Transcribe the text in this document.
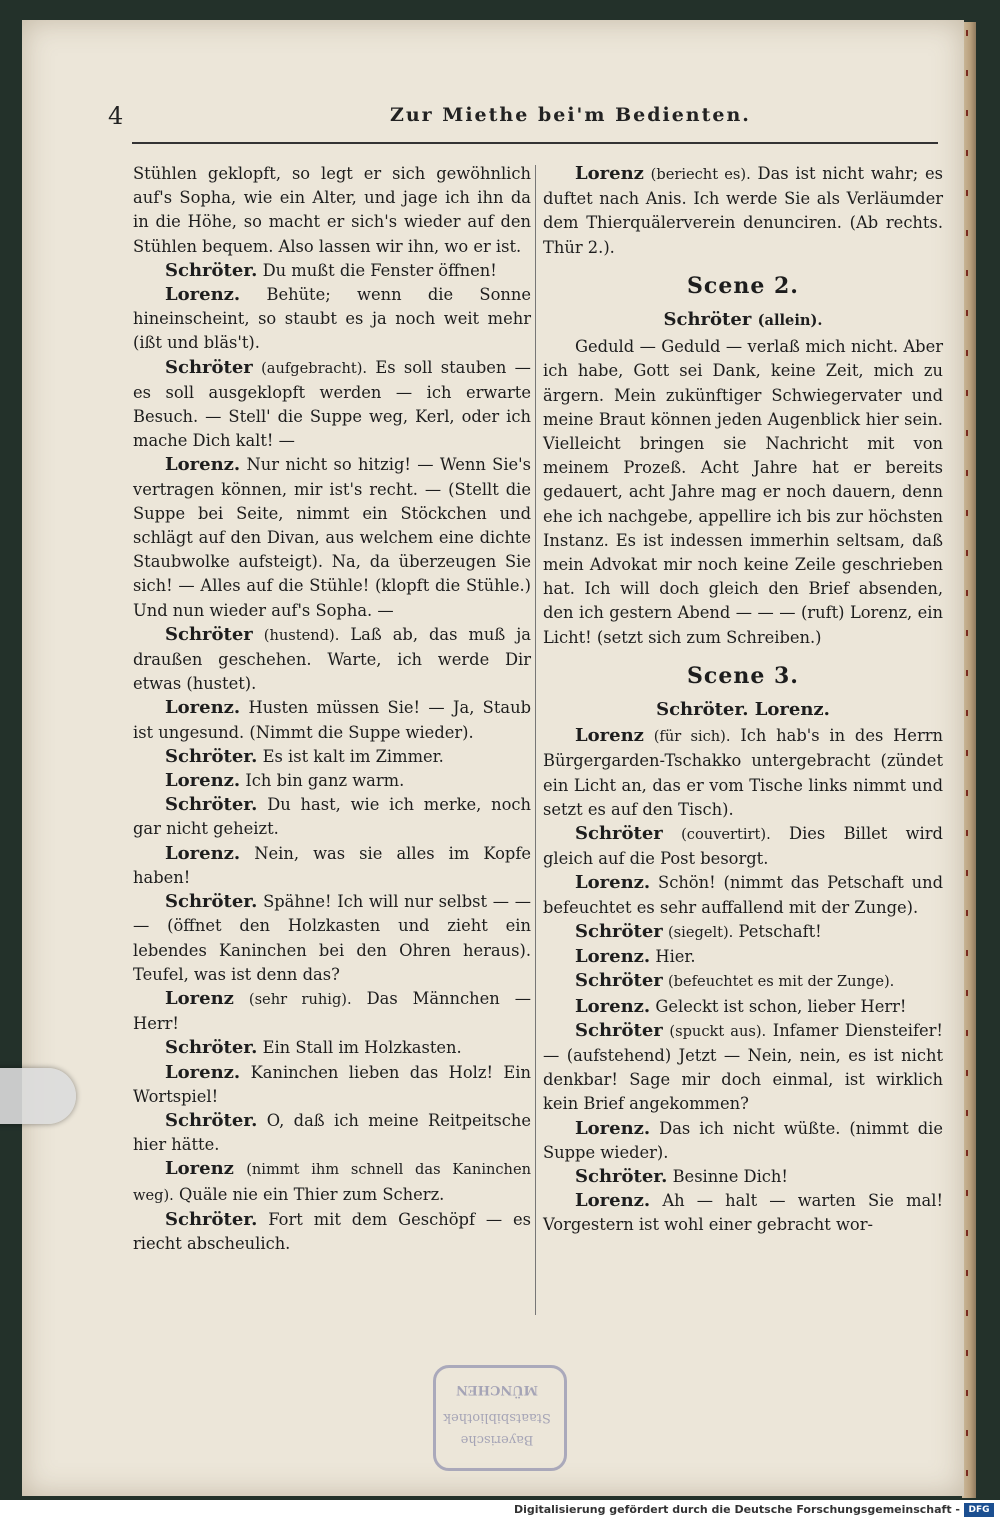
4	Zur Miethe bei'm Bedienten.

Stühlen geklopft, so legt er sich gewöhnlich auf's Sopha, wie ein Alter, und jage ich ihn da in die Höhe, so macht er sich's wieder auf den Stühlen bequem. Also lassen wir ihn, wo er ist.

Schröter. Du mußt die Fenster öffnen!

Lorenz. Behüte; wenn die Sonne hineinscheint, so staubt es ja noch weit mehr (ißt und bläs't).

Schröter (aufgebracht). Es soll stauben — es soll ausgeklopft werden — ich erwarte Besuch. — Stell' die Suppe weg, Kerl, oder ich mache Dich kalt! —

Lorenz. Nur nicht so hitzig! — Wenn Sie's vertragen können, mir ist's recht. — (Stellt die Suppe bei Seite, nimmt ein Stöckchen und schlägt auf den Divan, aus welchem eine dichte Staubwolke aufsteigt). Na, da überzeugen Sie sich! — Alles auf die Stühle! (klopft die Stühle.) Und nun wieder auf's Sopha. —

Schröter (hustend). Laß ab, das muß ja draußen geschehen. Warte, ich werde Dir etwas (hustet).

Lorenz. Husten müssen Sie! — Ja, Staub ist ungesund. (Nimmt die Suppe wieder).

Schröter. Es ist kalt im Zimmer.

Lorenz. Ich bin ganz warm.

Schröter. Du hast, wie ich merke, noch gar nicht geheizt.

Lorenz. Nein, was sie alles im Kopfe haben!

Schröter. Spähne! Ich will nur selbst — — — (öffnet den Holzkasten und zieht ein lebendes Kaninchen bei den Ohren heraus). Teufel, was ist denn das?

Lorenz (sehr ruhig). Das Männchen — Herr!

Schröter. Ein Stall im Holzkasten.

Lorenz. Kaninchen lieben das Holz! Ein Wortspiel!

Schröter. O, daß ich meine Reitpeitsche hier hätte.

Lorenz (nimmt ihm schnell das Kaninchen weg). Quäle nie ein Thier zum Scherz.

Schröter. Fort mit dem Geschöpf — es riecht abscheulich.

Lorenz (beriecht es). Das ist nicht wahr; es duftet nach Anis. Ich werde Sie als Verläumder dem Thierquälerverein denunciren. (Ab rechts. Thür 2.).

Scene 2.

Schröter (allein).

Geduld — Geduld — verlaß mich nicht. Aber ich habe, Gott sei Dank, keine Zeit, mich zu ärgern. Mein zukünftiger Schwiegervater und meine Braut können jeden Augenblick hier sein. Vielleicht bringen sie Nachricht mit von meinem Prozeß. Acht Jahre hat er bereits gedauert, acht Jahre mag er noch dauern, denn ehe ich nachgebe, appellire ich bis zur höchsten Instanz. Es ist indessen immerhin seltsam, daß mein Advokat mir noch keine Zeile geschrieben hat. Ich will doch gleich den Brief absenden, den ich gestern Abend — — — (ruft) Lorenz, ein Licht! (setzt sich zum Schreiben.)

Scene 3.

Schröter. Lorenz.

Lorenz (für sich). Ich hab's in des Herrn Bürgergarden-Tschakko untergebracht (zündet ein Licht an, das er vom Tische links nimmt und setzt es auf den Tisch).

Schröter (couvertirt). Dies Billet wird gleich auf die Post besorgt.

Lorenz. Schön! (nimmt das Petschaft und befeuchtet es sehr auffallend mit der Zunge).

Schröter (siegelt). Petschaft!

Lorenz. Hier.

Schröter (befeuchtet es mit der Zunge).

Lorenz. Geleckt ist schon, lieber Herr!

Schröter (spuckt aus). Infamer Diensteifer! — (aufstehend) Jetzt — Nein, nein, es ist nicht denkbar! Sage mir doch einmal, ist wirklich kein Brief angekommen?

Lorenz. Das ich nicht wüßte. (nimmt die Suppe wieder).

Schröter. Besinne Dich!

Lorenz. Ah — halt — warten Sie mal! Vorgestern ist wohl einer gebracht wor-

Bayerische
Staatsbibliothek
MÜNCHEN
Digitalisierung gefördert durch die Deutsche Forschungsgemeinschaft - DFG
